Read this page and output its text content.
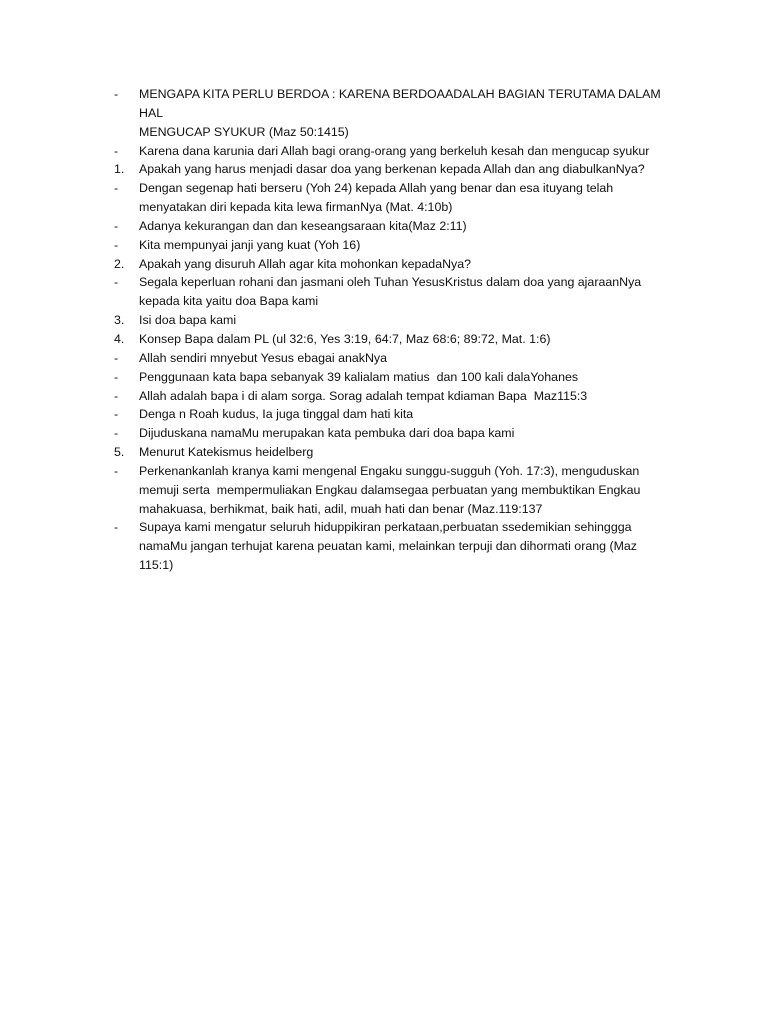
-	MENGAPA KITA PERLU BERDOA : KARENA BERDOAADALAH BAGIAN TERUTAMA DALAM HAL
MENGUCAP SYUKUR (Maz 50:1415)
-	Karena dana karunia dari Allah bagi orang-orang yang berkeluh kesah dan mengucap syukur
1.	Apakah yang harus menjadi dasar doa yang berkenan kepada Allah dan ang diabulkanNya?
-	Dengan segenap hati berseru (Yoh 24) kepada Allah yang benar dan esa ituyang telah
menyatakan diri kepada kita lewa firmanNya (Mat. 4:10b)
-	Adanya kekurangan dan dan keseangsaraan kita(Maz 2:11)
-	Kita mempunyai janji yang kuat (Yoh 16)
2.	Apakah yang disuruh Allah agar kita mohonkan kepadaNya?
-	Segala keperluan rohani dan jasmani oleh Tuhan YesusKristus dalam doa yang ajaraanNya
kepada kita yaitu doa Bapa kami
3.	Isi doa bapa kami
4.	Konsep Bapa dalam PL (ul 32:6, Yes 3:19, 64:7, Maz 68:6; 89:72, Mat. 1:6)
-	Allah sendiri mnyebut Yesus ebagai anakNya
-	Penggunaan kata bapa sebanyak 39 kalialam matius  dan 100 kali dalaYohanes
-	Allah adalah bapa i di alam sorga. Sorag adalah tempat kdiaman Bapa  Maz115:3
-	Denga n Roah kudus, Ia juga tinggal dam hati kita
-	Dijuduskana namaMu merupakan kata pembuka dari doa bapa kami
5.	Menurut Katekismus heidelberg
-	Perkenankanlah kranya kami mengenal Engaku sunggu-sugguh (Yoh. 17:3), menguduskan
memuji serta  mempermuliakan Engkau dalamsegaa perbuatan yang membuktikan Engkau
mahakuasa, berhikmat, baik hati, adil, muah hati dan benar (Maz.119:137
-	Supaya kami mengatur seluruh hiduppikiran perkataan,perbuatan ssedemikian sehinggga
namaMu jangan terhujat karena peuatan kami, melainkan terpuji dan dihormati orang (Maz
115:1)
